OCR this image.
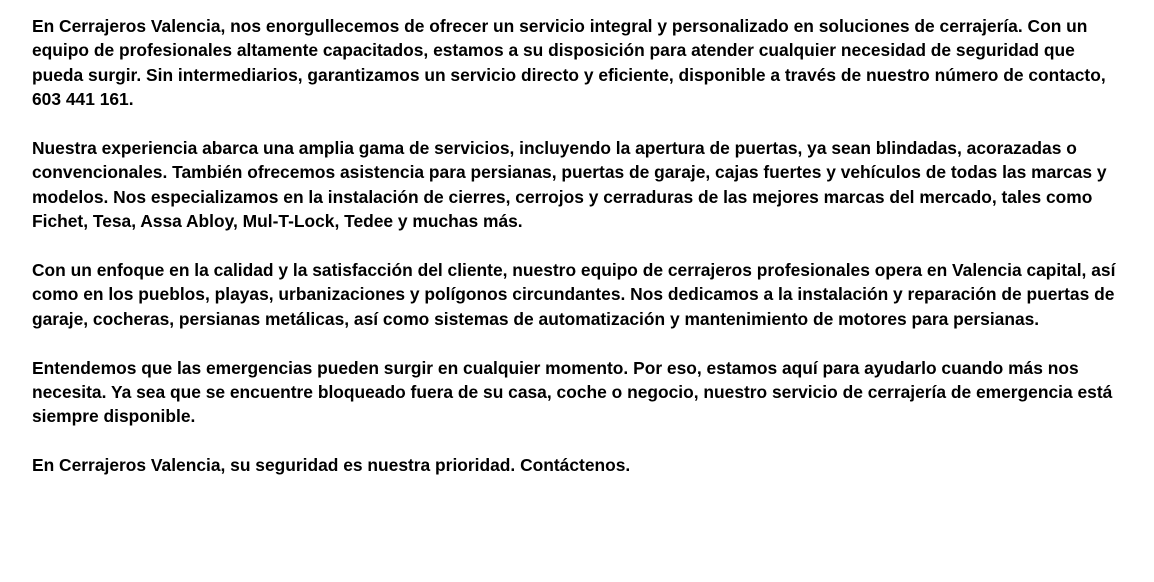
En Cerrajeros Valencia, nos enorgullecemos de ofrecer un servicio integral y personalizado en soluciones de cerrajería. Con un equipo de profesionales altamente capacitados, estamos a su disposición para atender cualquier necesidad de seguridad que pueda surgir. Sin intermediarios, garantizamos un servicio directo y eficiente, disponible a través de nuestro número de contacto, 603 441 161.

Nuestra experiencia abarca una amplia gama de servicios, incluyendo la apertura de puertas, ya sean blindadas, acorazadas o convencionales. También ofrecemos asistencia para persianas, puertas de garaje, cajas fuertes y vehículos de todas las marcas y modelos. Nos especializamos en la instalación de cierres, cerrojos y cerraduras de las mejores marcas del mercado, tales como Fichet, Tesa, Assa Abloy, Mul-T-Lock, Tedee y muchas más.

Con un enfoque en la calidad y la satisfacción del cliente, nuestro equipo de cerrajeros profesionales opera en Valencia capital, así como en los pueblos, playas, urbanizaciones y polígonos circundantes. Nos dedicamos a la instalación y reparación de puertas de garaje, cocheras, persianas metálicas, así como sistemas de automatización y mantenimiento de motores para persianas.

Entendemos que las emergencias pueden surgir en cualquier momento. Por eso, estamos aquí para ayudarlo cuando más nos necesita. Ya sea que se encuentre bloqueado fuera de su casa, coche o negocio, nuestro servicio de cerrajería de emergencia está siempre disponible.

En Cerrajeros Valencia, su seguridad es nuestra prioridad. Contáctenos.
